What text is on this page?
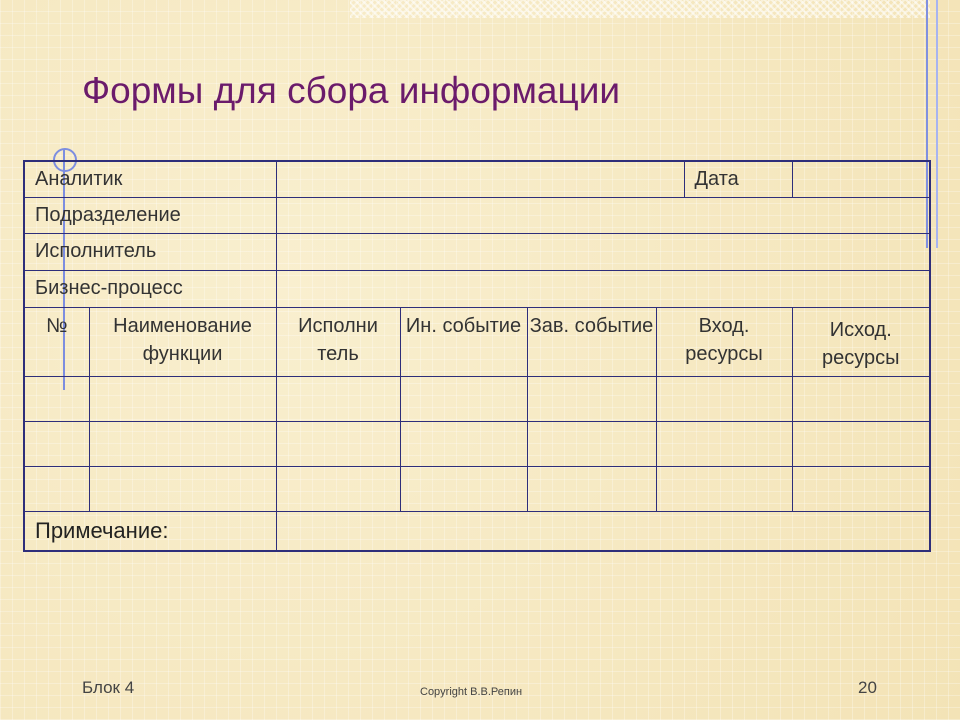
Формы для сбора информации
Аналитик						Дата	
Подразделение							
Исполнитель							
Бизнес-процесс							
№	Наименование функции	Исполни тель	Ин. событие	Зав. событие	Вход. ресурсы		Исход. ресурсы

Примечание:							
Блок 4	Copyright В.В.Репин	20
